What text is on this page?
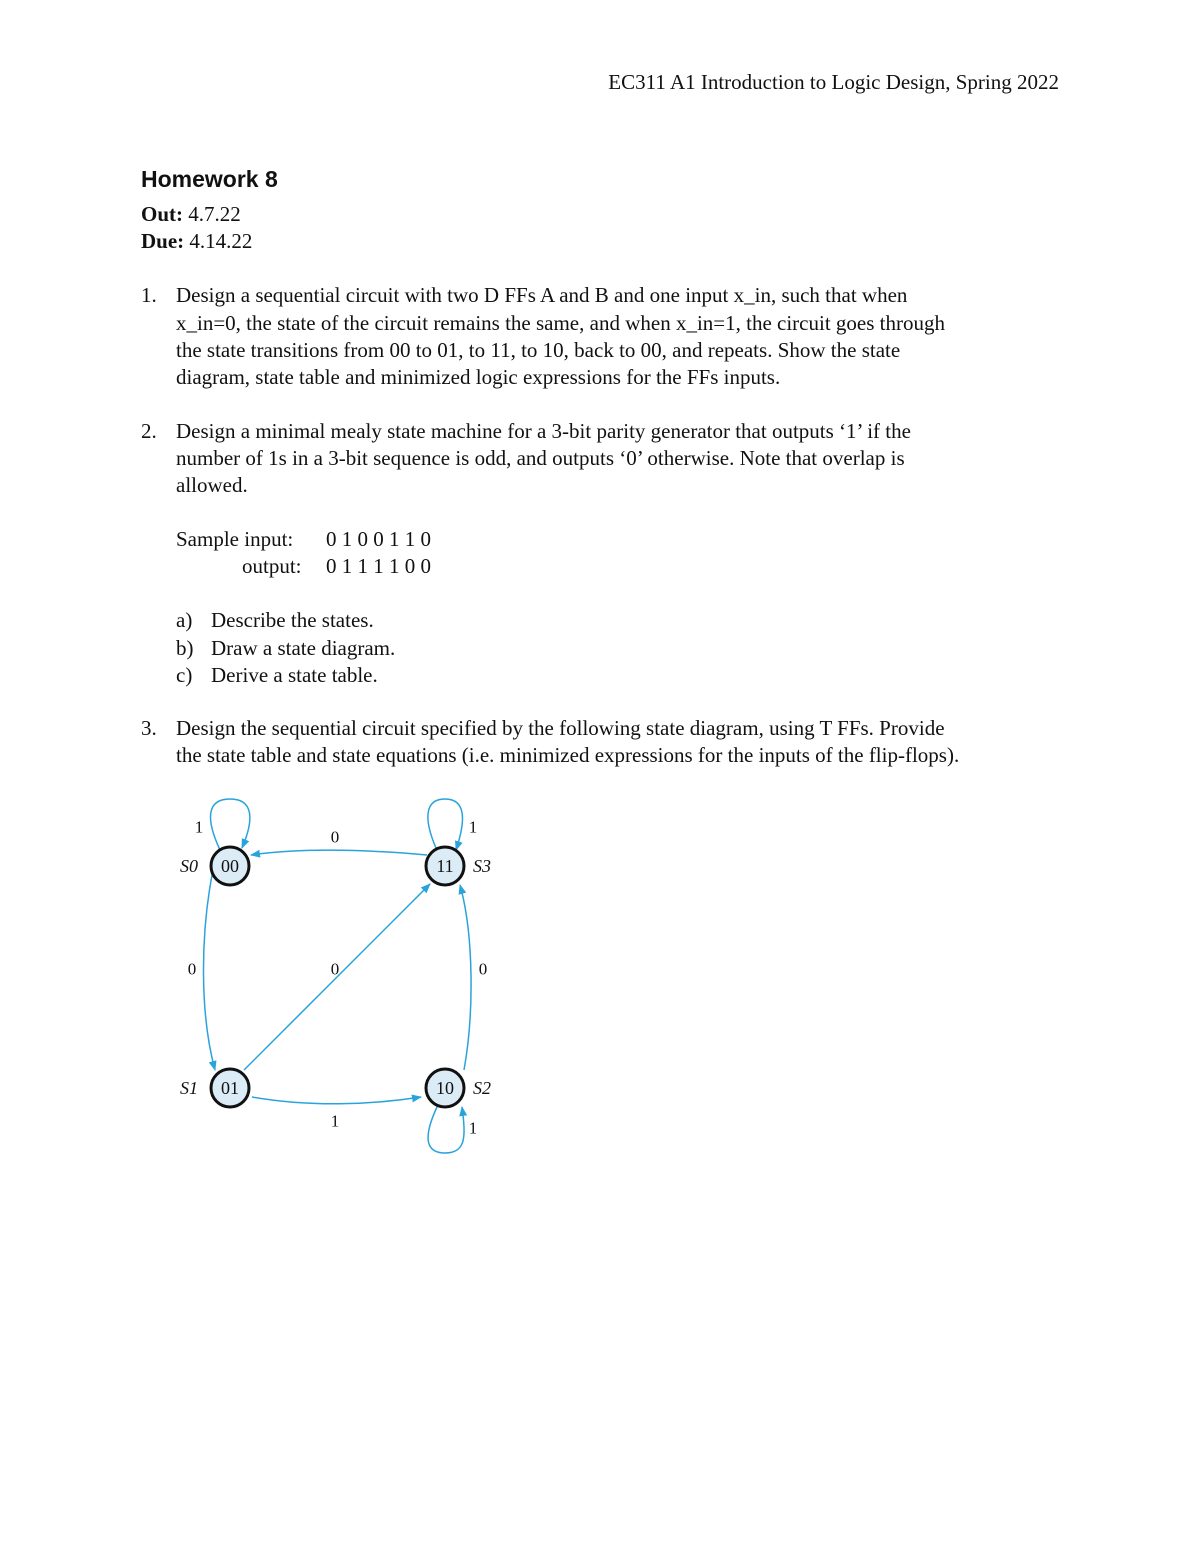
EC311 A1 Introduction to Logic Design, Spring 2022
Homework 8
Out: 4.7.22
Due: 4.14.22
1. Design a sequential circuit with two D FFs A and B and one input x_in, such that when
x_in=0, the state of the circuit remains the same, and when x_in=1, the circuit goes through
the state transitions from 00 to 01, to 11, to 10, back to 00, and repeats. Show the state
diagram, state table and minimized logic expressions for the FFs inputs.
2. Design a minimal mealy state machine for a 3-bit parity generator that outputs ‘1’ if the
number of 1s in a 3-bit sequence is odd, and outputs ‘0’ otherwise. Note that overlap is
allowed.
Sample input: 0 1 0 0 1 1 0
output: 0 1 1 1 1 0 0
a) Describe the states.
b) Draw a state diagram.
c) Derive a state table.
3. Design the sequential circuit specified by the following state diagram, using T FFs. Provide
the state table and state equations (i.e. minimized expressions for the inputs of the flip-flops).
00	11
01	10
S0	S3
S1	S2
1	1
0
0	0	0
1	1
